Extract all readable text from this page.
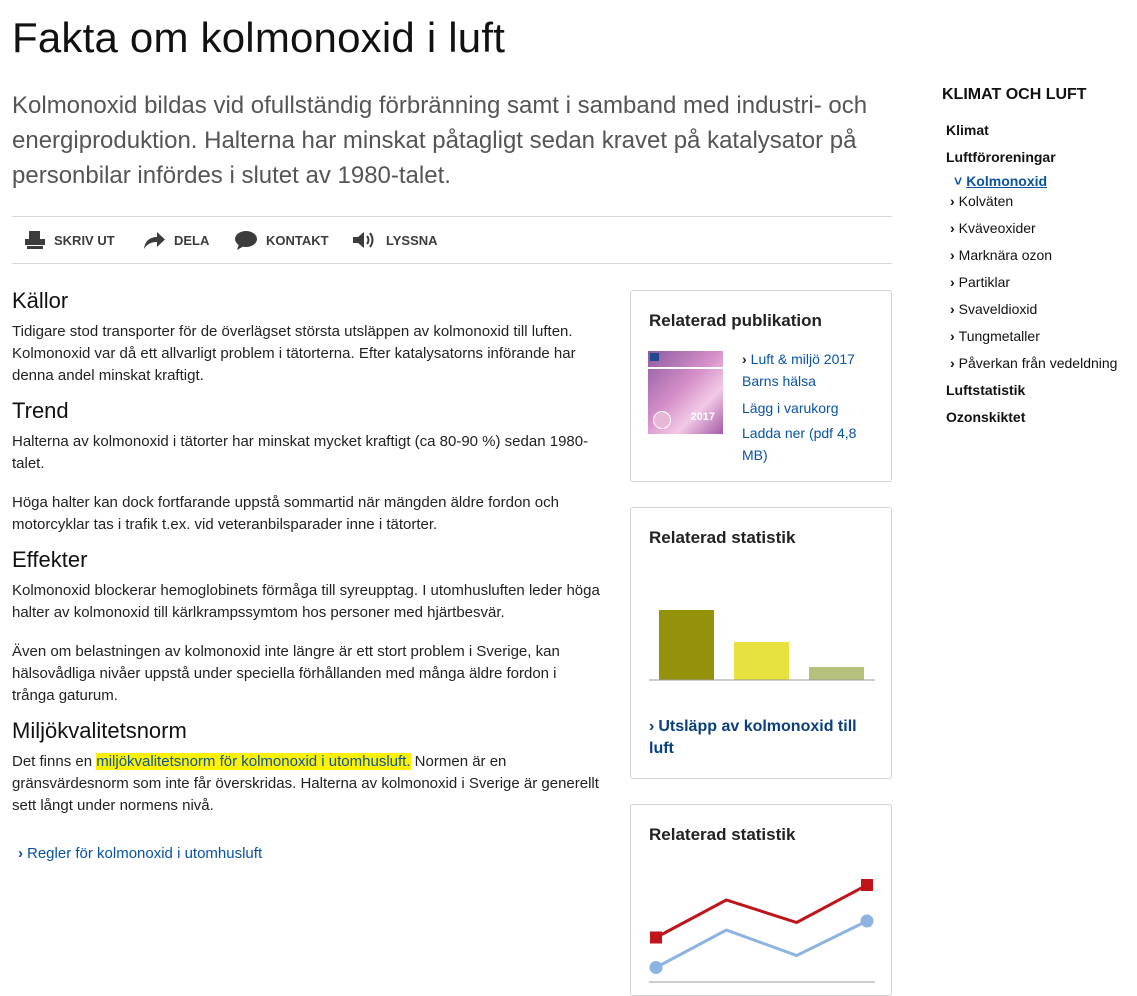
Fakta om kolmonoxid i luft

Kolmonoxid bildas vid ofullständig förbränning samt i samband med industri- och energiproduktion. Halterna har minskat påtagligt sedan kravet på katalysator på personbilar infördes i slutet av 1980-talet.

SKRIV UT	DELA	KONTAKT	LYSSNA
Källor

Tidigare stod transporter för de överlägset största utsläppen av kolmonoxid till luften. Kolmonoxid var då ett allvarligt problem i tätorterna. Efter katalysatorns införande har denna andel minskat kraftigt.

Trend

Halterna av kolmonoxid i tätorter har minskat mycket kraftigt (ca 80-90 %) sedan 1980-talet.

Höga halter kan dock fortfarande uppstå sommartid när mängden äldre fordon och motorcyklar tas i trafik t.ex. vid veteranbilsparader inne i tätorter.

Effekter

Kolmonoxid blockerar hemoglobinets förmåga till syreupptag. I utomhusluften leder höga halter av kolmonoxid till kärlkrampssymtom hos personer med hjärtbesvär.

Även om belastningen av kolmonoxid inte längre är ett stort problem i Sverige, kan hälsovådliga nivåer uppstå under speciella förhållanden med många äldre fordon i trånga gaturum.

Miljökvalitetsnorm

Det finns en miljökvalitetsnorm för kolmonoxid i utomhusluft. Normen är en gränsvärdesnorm som inte får överskridas. Halterna av kolmonoxid i Sverige är generellt sett långt under normens nivå.

› Regler för kolmonoxid i utomhusluft
Relaterad publikation
2017
› Luft & miljö 2017
Barns hälsa
Lägg i varukorg
Ladda ner (pdf 4,8 MB)
Relaterad statistik
› Utsläpp av kolmonoxid till luft
Relaterad statistik
KLIMAT OCH LUFT
Klimat
Luftföroreningar
˅ Kolmonoxid
› Kolväten
› Kväveoxider
› Marknära ozon
› Partiklar
› Svaveldioxid
› Tungmetaller
› Påverkan från vedeldning
Luftstatistik
Ozonskiktet
